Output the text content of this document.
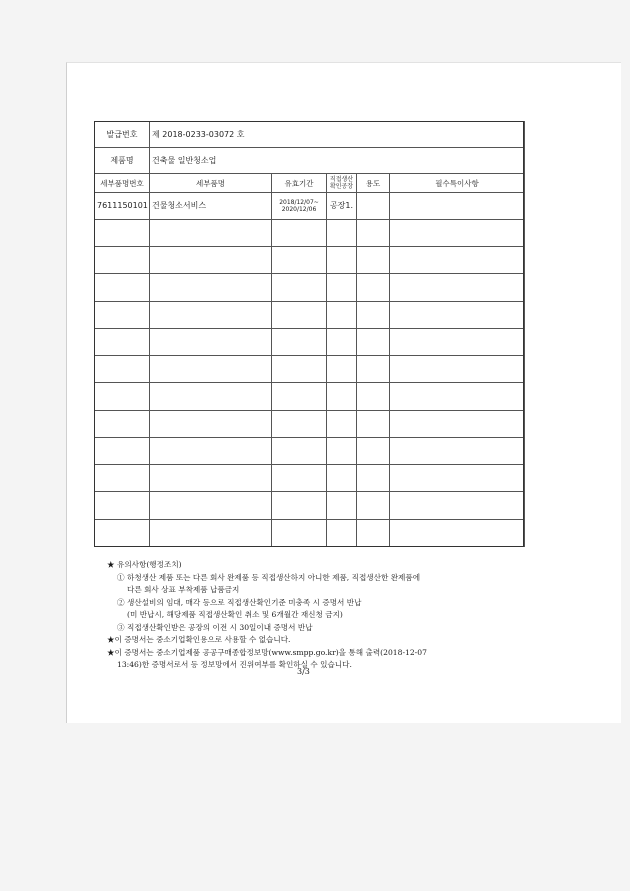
발급번호	제 2018-0233-03072 호				
제품명	건축물 일반청소업				
세부품명번호	세부품명	유효기간	직접생산 확인공장	용도	필수특이사항
7611150101	건물청소서비스	2018/12/07~ 2020/12/06	공장1.		

★ 유의사항(행정조치)
① 하청생산 제품 또는 다른 회사 완제품 등 직접생산하지 아니한 제품, 직접생산한 완제품에
다른 회사 상표 부착제품 납품금지
② 생산설비의 임대, 매각 등으로 직접생산확인기준 미충족 시 증명서 반납
(미 반납시, 해당제품 직접생산확인 취소 및 6개월간 재신청 금지)
③ 직접생산확인받은 공장의 이전 시 30일이내 증명서 반납
★이 증명서는 중소기업확인용으로 사용할 수 없습니다.
★이 증명서는 중소기업제품 공공구매종합정보망(www.smpp.go.kr)을 통해 출력(2018-12-07
13:46)한 증명서로서 등 정보망에서 진위여부를 확인하실 수 있습니다.
3/3
